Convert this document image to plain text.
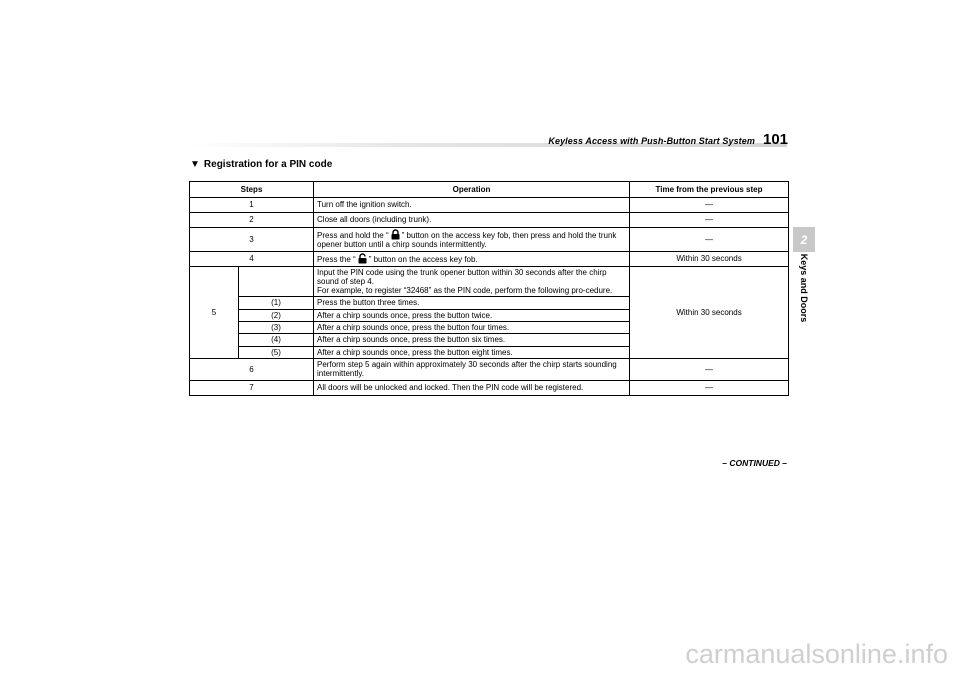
Keyless Access with Push-Button Start System 101
2
Keys and Doors
▼ Registration for a PIN code
Steps		Operation	Time from the previous step
1		Turn off the ignition switch.	—
2		Close all doors (including trunk).	—
3		Press and hold the “ ” button on the access key fob, then press and hold the trunk opener button until a chirp sounds intermittently.	—
4		Press the “ ” button on the access key fob.	Within 30 seconds
5		Input the PIN code using the trunk opener button within 30 seconds after the chirp sound of step 4.
For example, to register “32468” as the PIN code, perform the following pro-cedure.	Within 30 seconds
	(1)	Press the button three times.	
	(2)	After a chirp sounds once, press the button twice.	
	(3)	After a chirp sounds once, press the button four times.	
	(4)	After a chirp sounds once, press the button six times.	
	(5)	After a chirp sounds once, press the button eight times.	
6		Perform step 5 again within approximately 30 seconds after the chirp starts sounding intermittently.	—
7		All doors will be unlocked and locked. Then the PIN code will be registered.	—
– CONTINUED –
carmanualsonline.info
